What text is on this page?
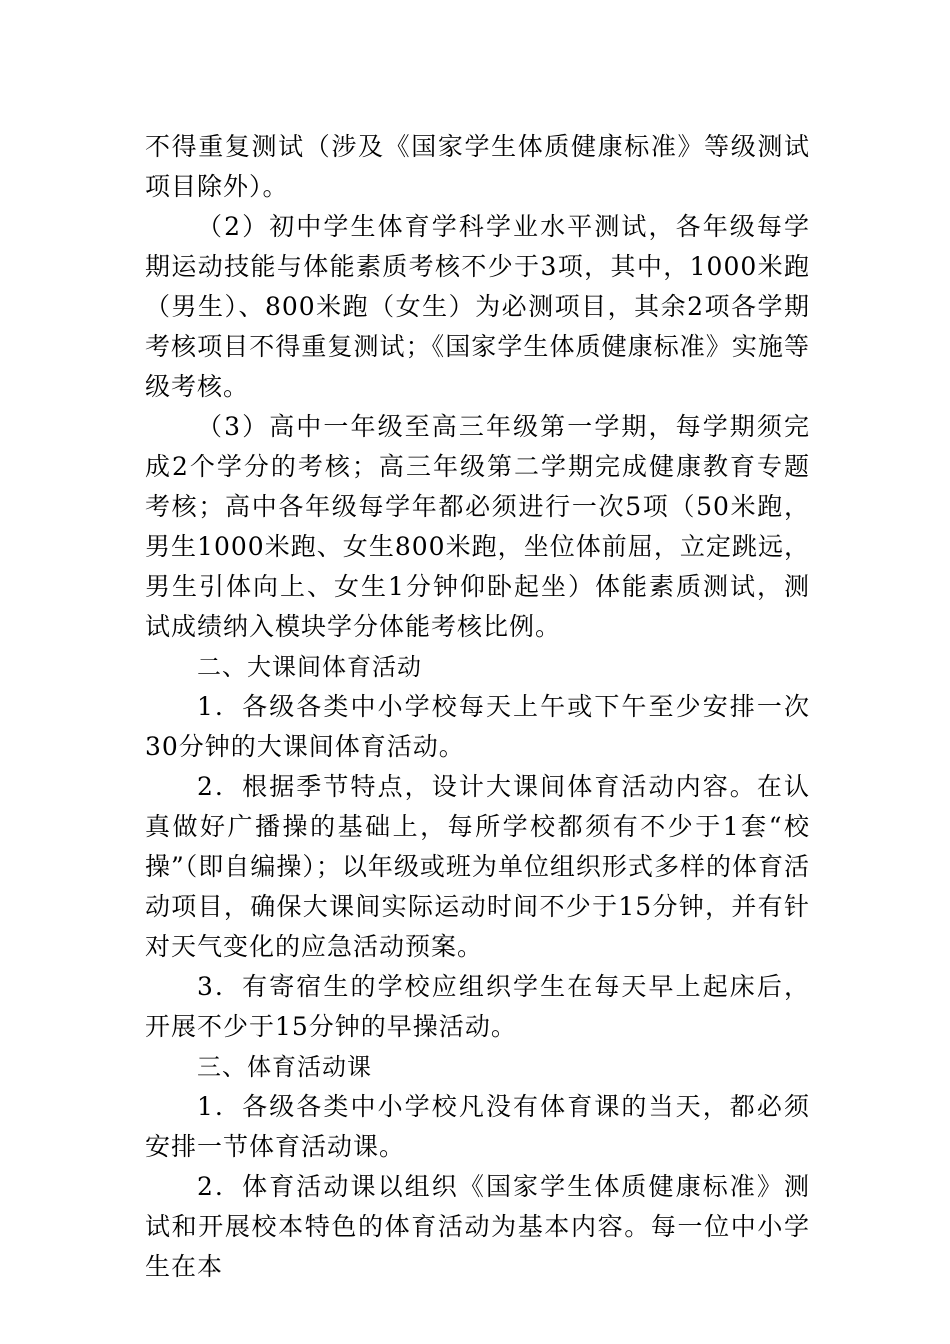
不得重复测试（涉及《国家学生体质健康标准》等级测试项目除外）。

（2）初中学生体育学科学业水平测试，各年级每学期运动技能与体能素质考核不少于3项，其中，1000米跑（男生）、800米跑（女生）为必测项目，其余2项各学期考核项目不得重复测试；《国家学生体质健康标准》实施等级考核。

（3）高中一年级至高三年级第一学期，每学期须完成2个学分的考核；高三年级第二学期完成健康教育专题考核；高中各年级每学年都必须进行一次5项（50米跑，男生1000米跑、女生800米跑，坐位体前屈，立定跳远，男生引体向上、女生1分钟仰卧起坐）体能素质测试，测试成绩纳入模块学分体能考核比例。

二、大课间体育活动

1．各级各类中小学校每天上午或下午至少安排一次30分钟的大课间体育活动。

2．根据季节特点，设计大课间体育活动内容。在认真做好广播操的基础上，每所学校都须有不少于1套“校操”（即自编操）；以年级或班为单位组织形式多样的体育活动项目，确保大课间实际运动时间不少于15分钟，并有针对天气变化的应急活动预案。

3．有寄宿生的学校应组织学生在每天早上起床后，开展不少于15分钟的早操活动。

三、体育活动课

1．各级各类中小学校凡没有体育课的当天，都必须安排一节体育活动课。

2．体育活动课以组织《国家学生体质健康标准》测试和开展校本特色的体育活动为基本内容。每一位中小学生在本
